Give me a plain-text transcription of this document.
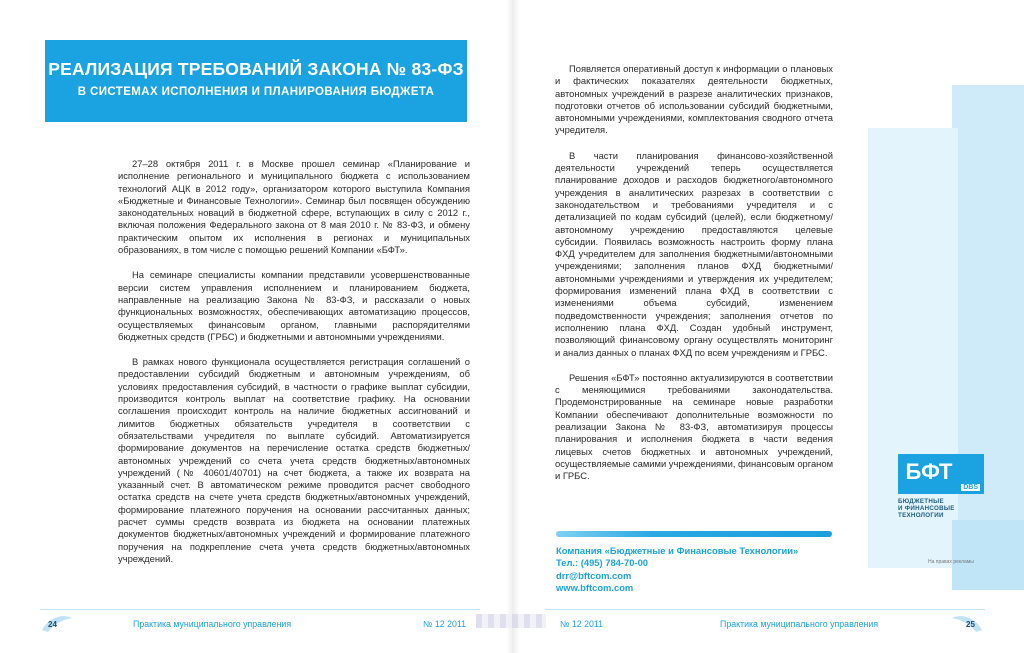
РЕАЛИЗАЦИЯ ТРЕБОВАНИЙ ЗАКОНА № 83-ФЗ
В СИСТЕМАХ ИСПОЛНЕНИЯ И ПЛАНИРОВАНИЯ БЮДЖЕТА

27–28 октября 2011 г. в Москве прошел семинар «Планирование и исполнение регионального и муниципального бюджета с использованием технологий АЦК в 2012 году», организатором которого выступила Компания «Бюджетные и Финансовые Технологии». Семинар был посвящен обсуждению законодательных новаций в бюджетной сфере, вступающих в силу с 2012 г., включая положения Федерального закона от 8 мая 2010 г. № 83-ФЗ, и обмену практическим опытом их исполнения в регионах и муниципальных образованиях, в том числе с помощью решений Компании «БФТ».

На семинаре специалисты компании представили усовершенствованные версии систем управления исполнением и планированием бюджета, направленные на реализацию Закона № 83-ФЗ, и рассказали о новых функциональных возможностях, обеспечивающих автоматизацию процессов, осуществляемых финансовым органом, главными распорядителями бюджетных средств (ГРБС) и бюджетными и автономными учреждениями.

В рамках нового функционала осуществляется регистрация соглашений о предоставлении субсидий бюджетным и автономным учреждениям, об условиях предоставления субсидий, в частности о графике выплат субсидии, производится контроль выплат на соответствие графику. На основании соглашения происходит контроль на наличие бюджетных ассигнований и лимитов бюджетных обязательств учредителя в соответствии с обязательствами учредителя по выплате субсидий. Автоматизируется формирование документов на перечисление остатка средств бюджетных/автономных учреждений со счета учета средств бюджетных/автономных учреждений (№ 40601/40701) на счет бюджета, а также их возврата на указанный счет. В автоматическом режиме проводится расчет свободного остатка средств на счете учета средств бюджетных/автономных учреждений, формирование платежного поручения на основании рассчитанных данных; расчет суммы средств возврата из бюджета на основании платежных документов бюджетных/автономных учреждений и формирование платежного поручения на подкрепление счета учета средств бюджетных/автономных учреждений.

24	Практика муниципального управления	№ 12 2011

Появляется оперативный доступ к информации о плановых и фактических показателях деятельности бюджетных, автономных учреждений в разрезе аналитических признаков, подготовки отчетов об использовании субсидий бюджетными, автономными учреждениями, комплектования сводного отчета учредителя.

В части планирования финансово-хозяйственной деятельности учреждений теперь осуществляется планирование доходов и расходов бюджетного/автономного учреждения в аналитических разрезах в соответствии с законодательством и требованиями учредителя и с детализацией по кодам субсидий (целей), если бюджетному/автономному учреждению предоставляются целевые субсидии. Появилась возможность настроить форму плана ФХД учредителем для заполнения бюджетными/автономными учреждениями; заполнения планов ФХД бюджетными/автономными учреждениями и утверждения их учредителем; формирования изменений плана ФХД в соответствии с изменениями объема субсидий, изменением подведомственности учреждения; заполнения отчетов по исполнению плана ФХД. Создан удобный инструмент, позволяющий финансовому органу осуществлять мониторинг и анализ данных о планах ФХД по всем учреждениям и ГРБС.

Решения «БФТ» постоянно актуализируются в соответствии с меняющимися требованиями законодательства. Продемонстрированные на семинаре новые разработки Компании обеспечивают дополнительные возможности по реализации Закона № 83-ФЗ, автоматизируя процессы планирования и исполнения бюджета в части ведения лицевых счетов бюджетных и автономных учреждений, осуществляемые самими учреждениями, финансовым органом и ГРБС.

Компания «Бюджетные и Финансовые Технологии»
Тел.: (495) 784-70-00
drr@bftcom.com
www.bftcom.com
БФТ
DBS
БЮДЖЕТНЫЕ
И ФИНАНСОВЫЕ
ТЕХНОЛОГИИ
На правах рекламы
№ 12 2011	Практика муниципального управления	25
